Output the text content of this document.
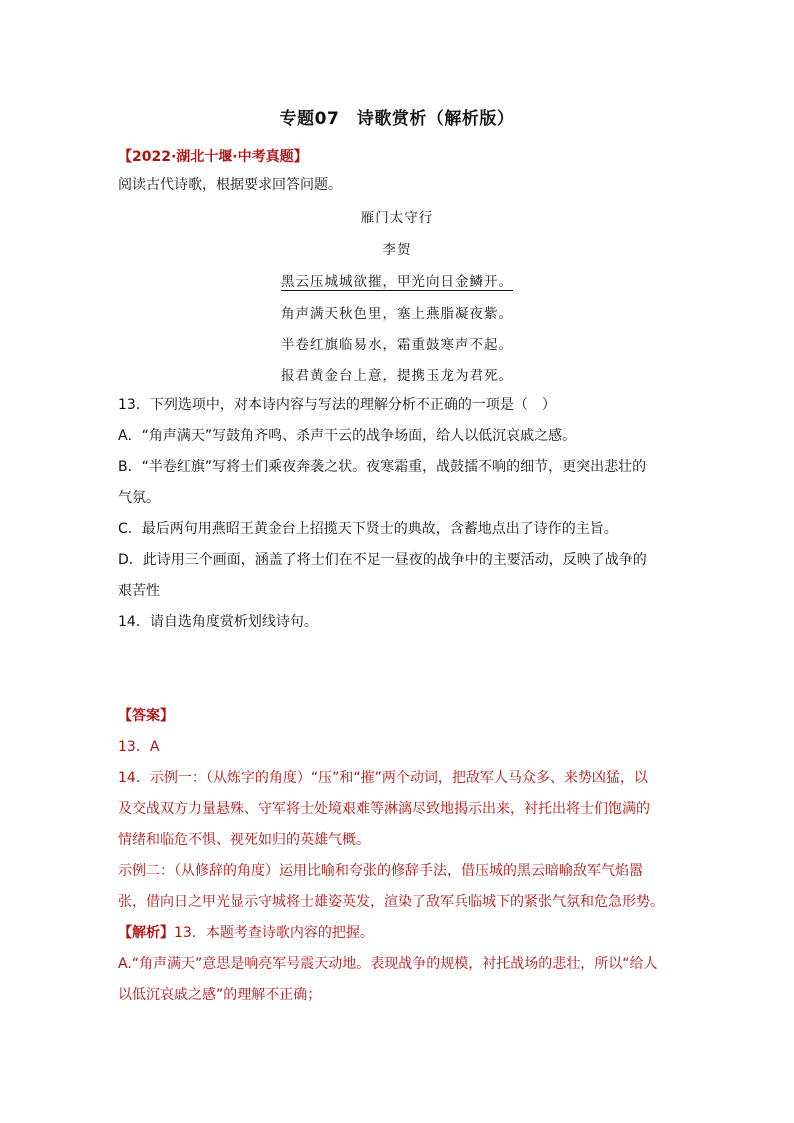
专题07　诗歌赏析（解析版）
【2022·湖北十堰·中考真题】
阅读古代诗歌，根据要求回答问题。
雁门太守行
李贺
黑云压城城欲摧，甲光向日金鳞开。
角声满天秋色里，塞上燕脂凝夜紫。
半卷红旗临易水，霜重鼓寒声不起。
报君黄金台上意，提携玉龙为君死。
13．下列选项中，对本诗内容与写法的理解分析不正确的一项是（　）
A．“角声满天”写鼓角齐鸣、杀声干云的战争场面，给人以低沉哀戚之感。
B．“半卷红旗”写将士们乘夜奔袭之状。夜寒霜重，战鼓擂不响的细节，更突出悲壮的
气氛。
C．最后两句用燕昭王黄金台上招揽天下贤士的典故，含蓄地点出了诗作的主旨。
D．此诗用三个画面，涵盖了将士们在不足一昼夜的战争中的主要活动，反映了战争的
艰苦性
14．请自选角度赏析划线诗句。
【答案】
13．A
14．示例一：（从炼字的角度）“压”和“摧”两个动词，把敌军人马众多、来势凶猛，以
及交战双方力量悬殊、守军将士处境艰难等淋漓尽致地揭示出来，衬托出将士们饱满的
情绪和临危不惧、视死如归的英雄气概。
示例二：（从修辞的角度）运用比喻和夸张的修辞手法，借压城的黑云暗喻敌军气焰嚣
张，借向日之甲光显示守城将士雄姿英发，渲染了敌军兵临城下的紧张气氛和危急形势。
【解析】13．本题考查诗歌内容的把握。
A.“角声满天”意思是响亮军号震天动地。表现战争的规模，衬托战场的悲壮，所以“给人
以低沉哀戚之感”的理解不正确；
